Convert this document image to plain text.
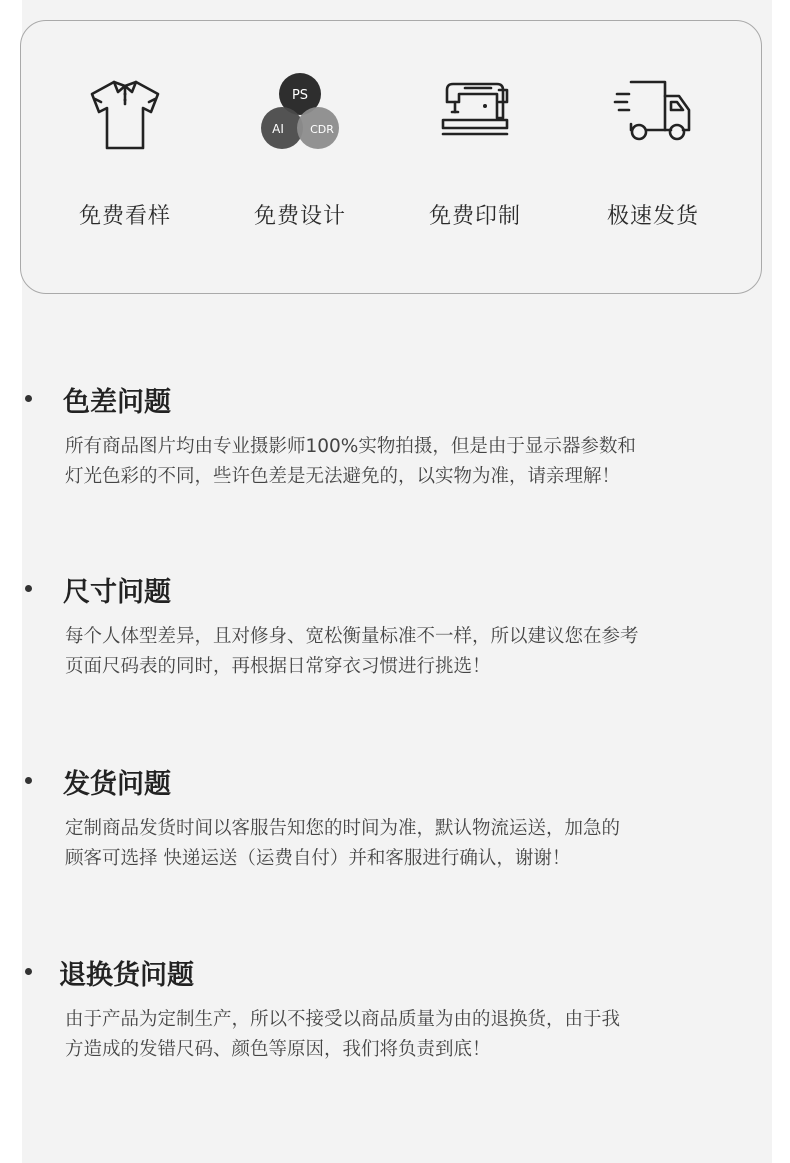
免费看样
PS
AI CDR
免费设计	免费印制	极速发货
色差问题
所有商品图片均由专业摄影师100%实物拍摄，但是由于显示器参数和
灯光色彩的不同，些许色差是无法避免的，以实物为准，请亲理解！
尺寸问题
每个人体型差异，且对修身、宽松衡量标准不一样，所以建议您在参考
页面尺码表的同时，再根据日常穿衣习惯进行挑选！
发货问题
定制商品发货时间以客服告知您的时间为准，默认物流运送，加急的
顾客可选择 快递运送（运费自付）并和客服进行确认，谢谢！
退换货问题
由于产品为定制生产，所以不接受以商品质量为由的退换货，由于我
方造成的发错尺码、颜色等原因，我们将负责到底！
